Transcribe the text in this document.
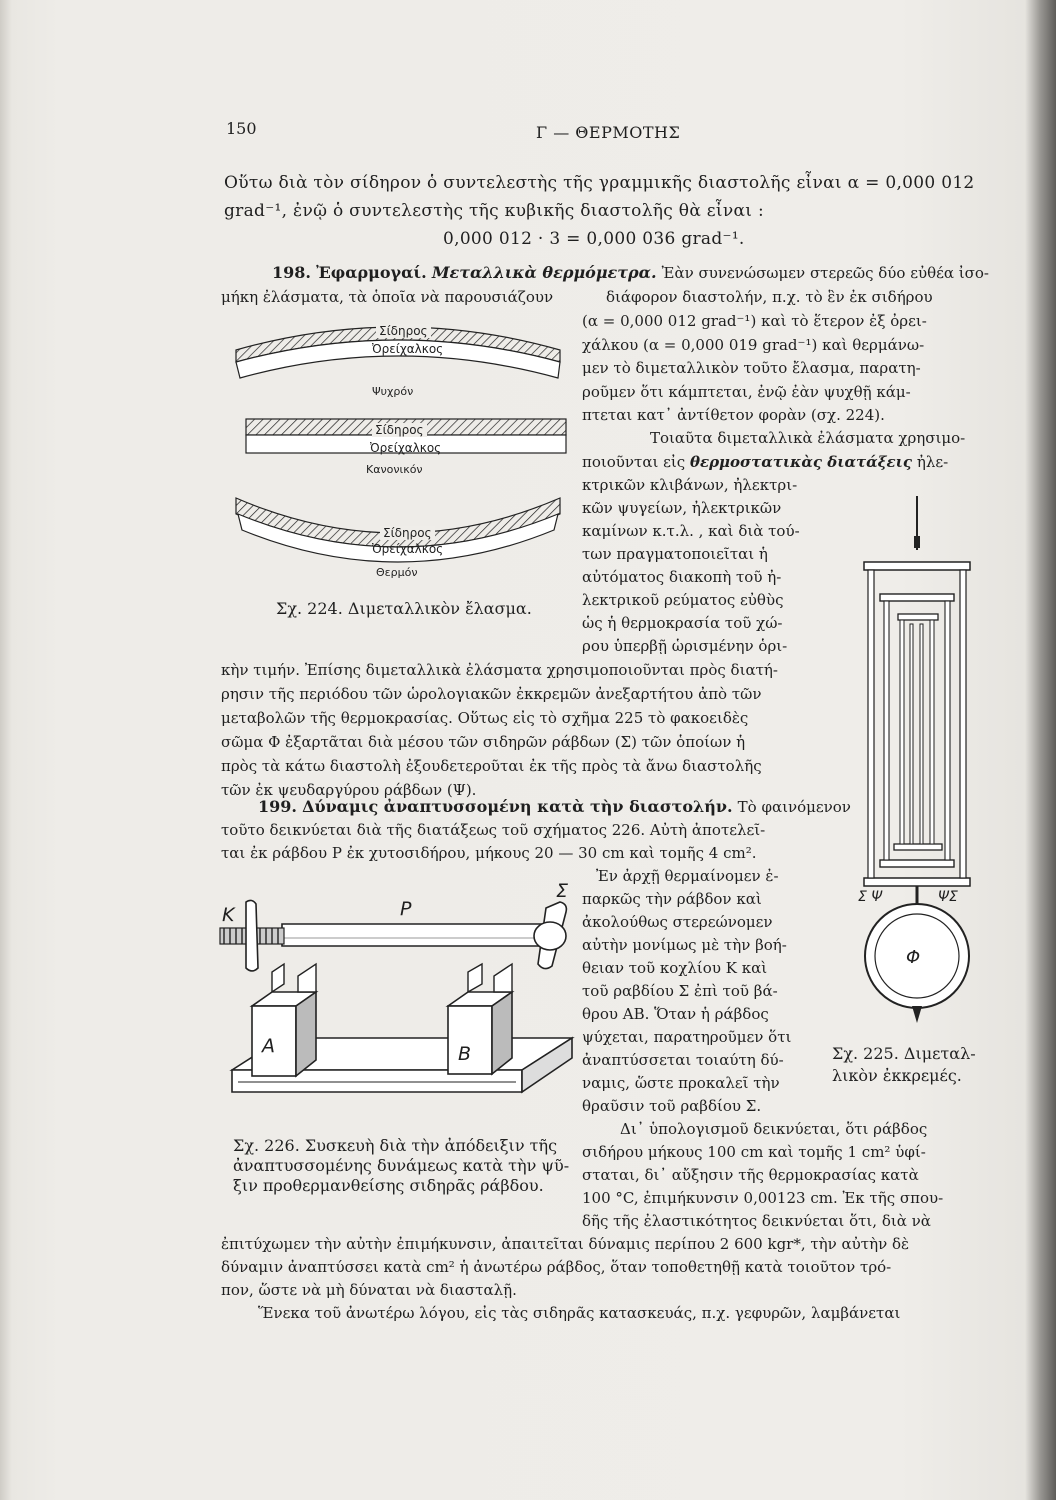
150	Γ — ΘΕΡΜΟΤΗΣ
Οὕτω διὰ τὸν σίδηρον ὁ συντελεστὴς τῆς γραμμικῆς διαστολῆς εἶναι α = 0,000 012
grad⁻¹, ἐνῷ ὁ συντελεστὴς τῆς κυβικῆς διαστολῆς θὰ εἶναι :
0,000 012 · 3 = 0,000 036 grad⁻¹.
198. Ἐφαρμογαί. Μεταλλικὰ θερμόμετρα. Ἐὰν συνενώσωμεν στερεῶς δύο εὐθέα ἰσο-
μήκη ἐλάσματα, τὰ ὁποῖα νὰ παρουσιάζουν	διάφορον διαστολήν, π.χ. τὸ ἓν ἐκ σιδήρου
(α = 0,000 012 grad⁻¹) καὶ τὸ ἕτερον ἐξ ὀρει-
χάλκου (α = 0,000 019 grad⁻¹) καὶ θερμάνω-
μεν τὸ διμεταλλικὸν τοῦτο ἔλασμα, παρατη-
ροῦμεν ὅτι κάμπτεται, ἐνῷ ἐὰν ψυχθῇ κάμ-
πτεται κατ᾿ ἀντίθετον φορὰν (σχ. 224).
Τοιαῦτα διμεταλλικὰ ἐλάσματα χρησιμο-
ποιοῦνται εἰς θερμοστατικὰς διατάξεις ἠλε-
κτρικῶν κλιβάνων, ἠλεκτρι-
κῶν ψυγείων, ἠλεκτρικῶν
καμίνων κ.τ.λ. , καὶ διὰ τού-
των πραγματοποιεῖται ἡ
αὐτόματος διακοπὴ τοῦ ἠ-
λεκτρικοῦ ρεύματος εὐθὺς
ὡς ἡ θερμοκρασία τοῦ χώ-
ρου ὑπερβῇ ὡρισμένην ὁρι-
κὴν τιμήν. Ἐπίσης διμεταλλικὰ ἐλάσματα χρησιμοποιοῦνται πρὸς διατή-
ρησιν τῆς περιόδου τῶν ὡρολογιακῶν ἐκκρεμῶν ἀνεξαρτήτου ἀπὸ τῶν
μεταβολῶν τῆς θερμοκρασίας. Οὕτως εἰς τὸ σχῆμα 225 τὸ φακοειδὲς
σῶμα Φ ἐξαρτᾶται διὰ μέσου τῶν σιδηρῶν ράβδων (Σ) τῶν ὁποίων ἡ
πρὸς τὰ κάτω διαστολὴ ἐξουδετεροῦται ἐκ τῆς πρὸς τὰ ἄνω διαστολῆς
τῶν ἐκ ψευδαργύρου ράβδων (Ψ).
Σίδηρος
Ὀρείχαλκος
Ψυχρόν
Σίδηρος
Ὀρείχαλκος
Κανονικόν
Σίδηρος
Ὀρείχαλκος
Θερμόν
Σχ. 224. Διμεταλλικὸν ἔλασμα.
Σ Ψ	ΨΣ
Φ
Σχ. 225. Διμεταλ-
λικὸν ἐκκρεμές.
199. Δύναμις ἀναπτυσσομένη κατὰ τὴν διαστολήν. Τὸ φαινόμενον
τοῦτο δεικνύεται διὰ τῆς διατάξεως τοῦ σχήματος 226. Αὐτὴ ἀποτελεῖ-
ται ἐκ ράβδου Ρ ἐκ χυτοσιδήρου, μήκους 20 — 30 cm καὶ τομῆς 4 cm².
Ἐν ἀρχῇ θερμαίνομεν ἐ-
παρκῶς τὴν ράβδον καὶ
ἀκολούθως στερεώνομεν
αὐτὴν μονίμως μὲ τὴν βοή-
θειαν τοῦ κοχλίου Κ καὶ
τοῦ ραβδίου Σ ἐπὶ τοῦ βά-
θρου ΑΒ. Ὅταν ἡ ράβδος
ψύχεται, παρατηροῦμεν ὅτι
ἀναπτύσσεται τοιαύτη δύ-
ναμις, ὥστε προκαλεῖ τὴν
θραῦσιν τοῦ ραβδίου Σ.
Δι᾿ ὑπολογισμοῦ δεικνύεται, ὅτι ράβδος
σιδήρου μήκους 100 cm καὶ τομῆς 1 cm² ὑφί-
σταται, δι᾿ αὔξησιν τῆς θερμοκρασίας κατὰ
100 °C, ἐπιμήκυνσιν 0,00123 cm. Ἐκ τῆς σπου-
δῆς τῆς ἐλαστικότητος δεικνύεται ὅτι, διὰ νὰ
ἐπιτύχωμεν τὴν αὐτὴν ἐπιμήκυνσιν, ἀπαιτεῖται δύναμις περίπου 2 600 kgr*, τὴν αὐτὴν δὲ
δύναμιν ἀναπτύσσει κατὰ cm² ἡ ἀνωτέρω ράβδος, ὅταν τοποθετηθῇ κατὰ τοιοῦτον τρό-
πον, ὥστε νὰ μὴ δύναται νὰ διασταλῇ.
Ἕνεκα τοῦ ἀνωτέρω λόγου, εἰς τὰς σιδηρᾶς κατασκευάς, π.χ. γεφυρῶν, λαμβάνεται
Κ	Ρ
Σ
Α	Β
Σχ. 226. Συσκευὴ διὰ τὴν ἀπόδειξιν τῆς
ἀναπτυσσομένης δυνάμεως κατὰ τὴν ψῦ-
ξιν προθερμανθείσης σιδηρᾶς ράβδου.
